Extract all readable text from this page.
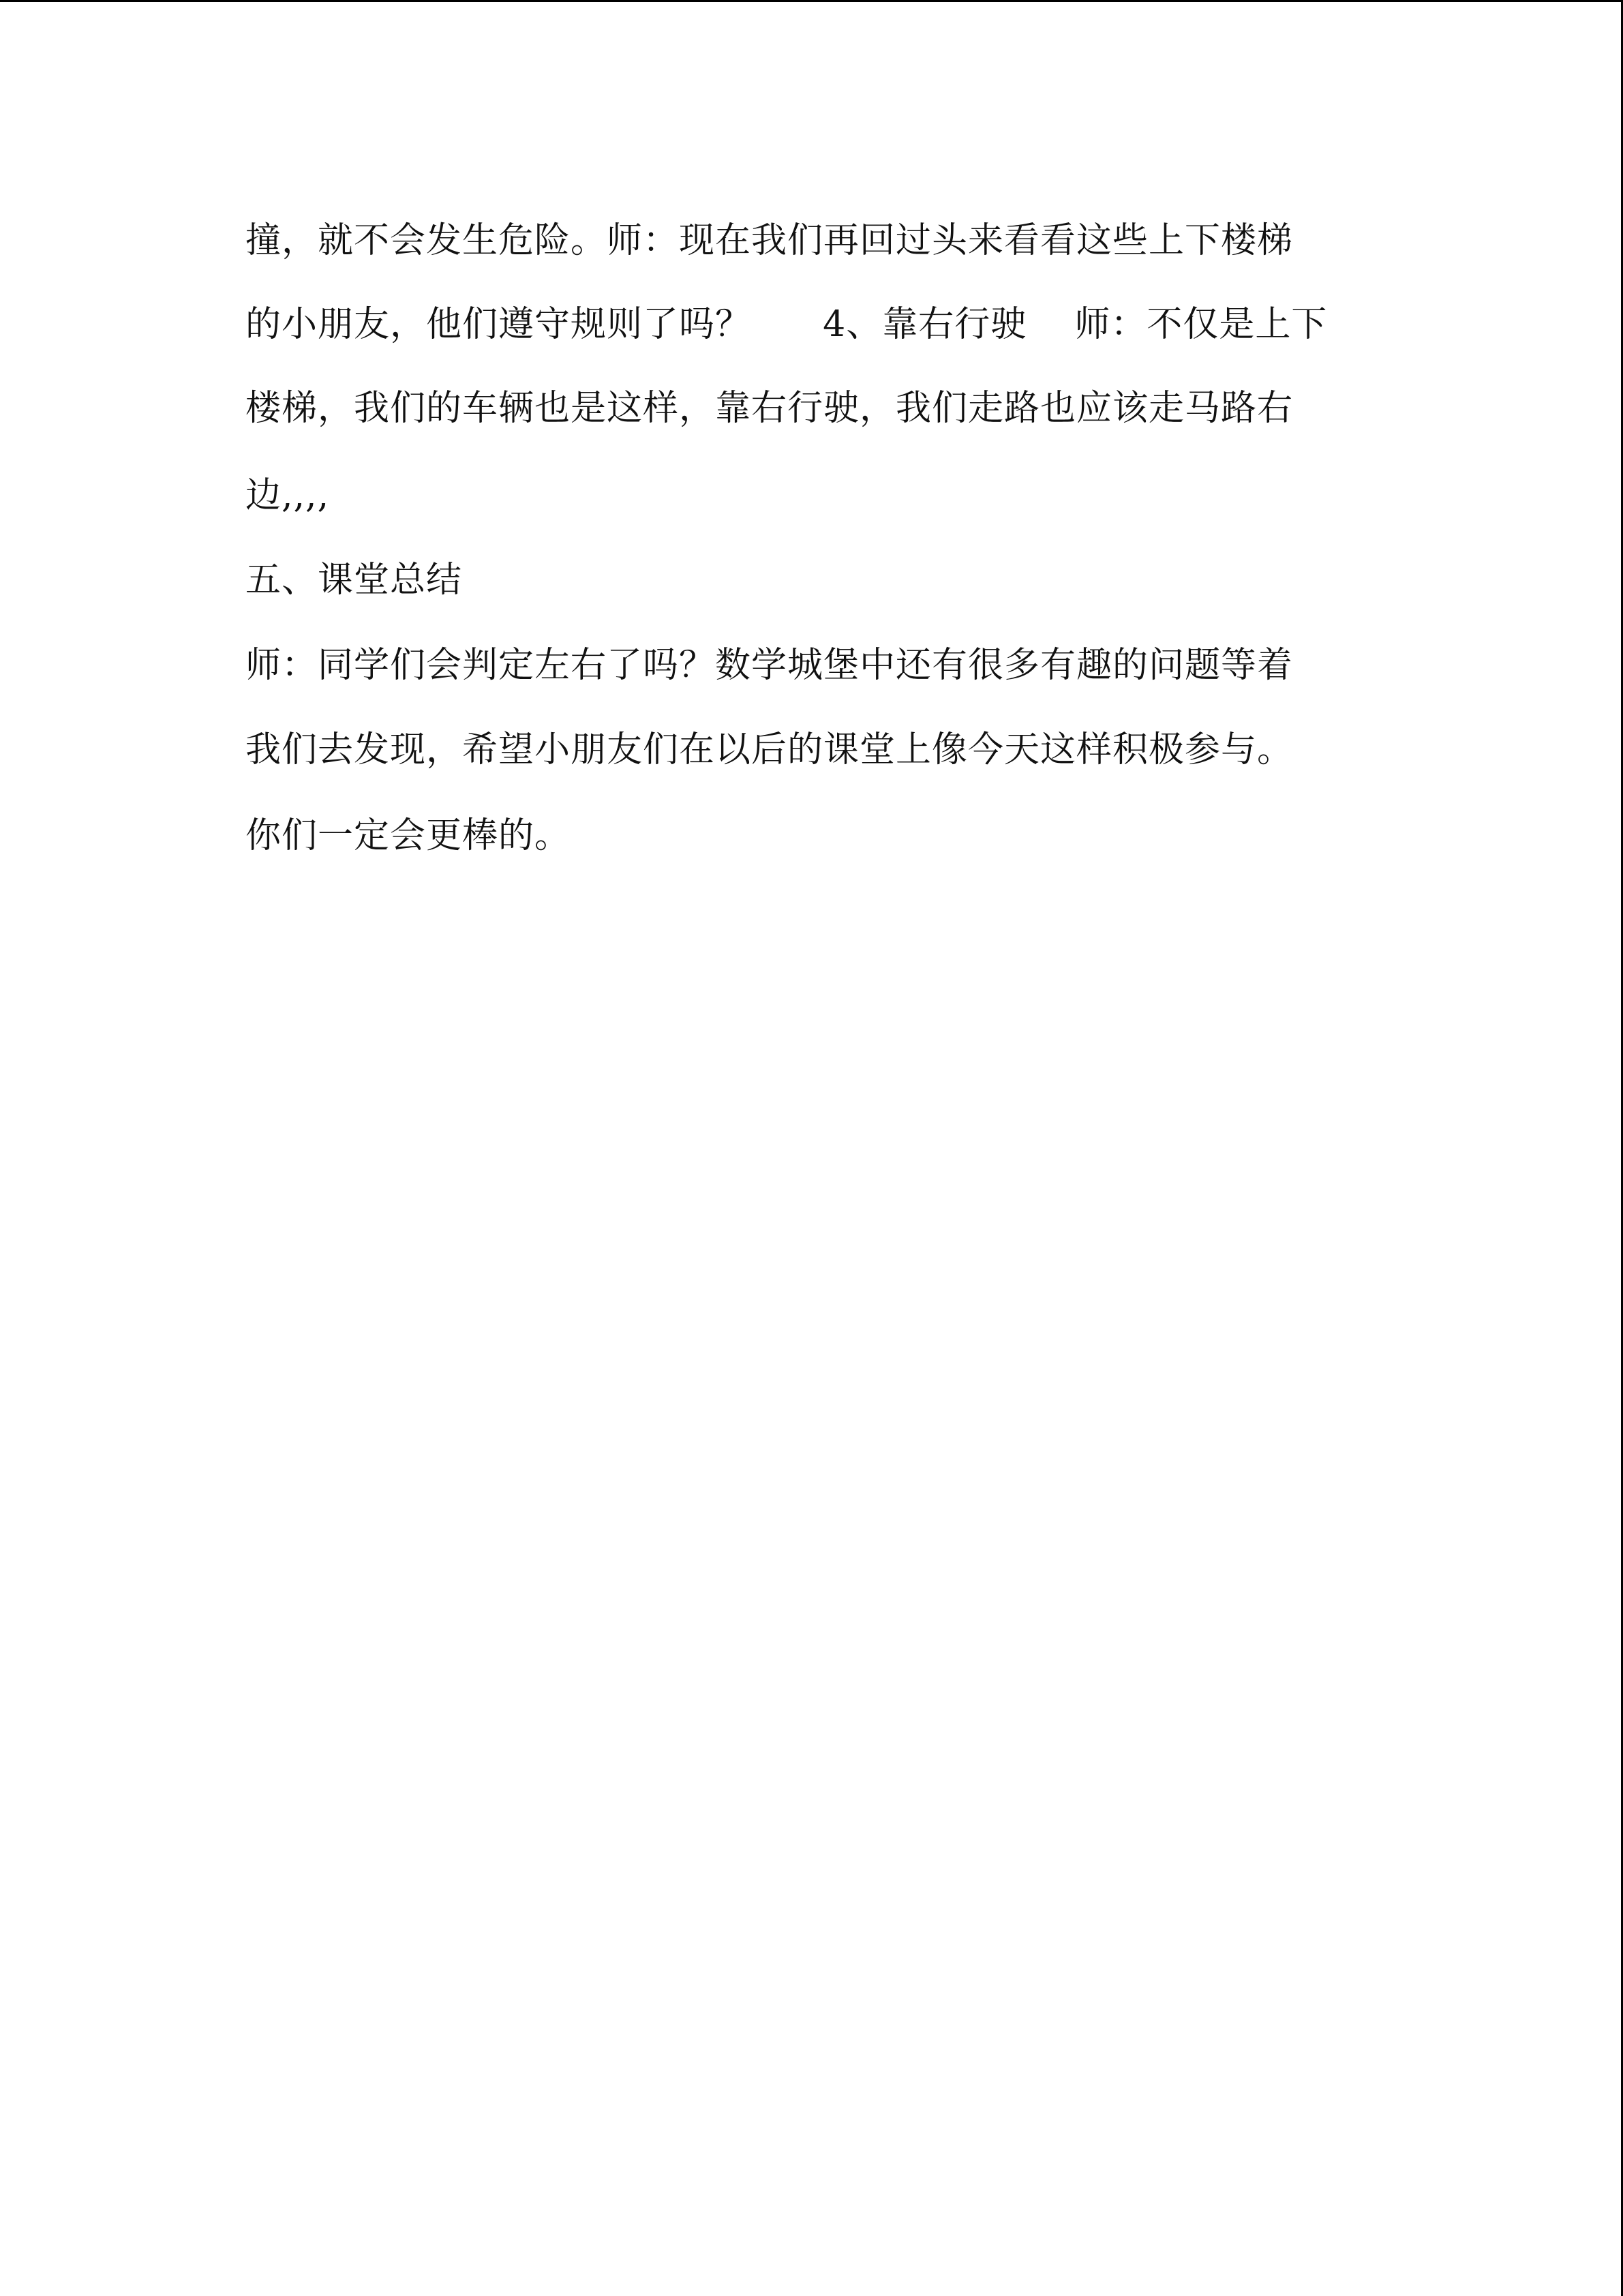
撞，就不会发生危险。师：现在我们再回过头来看看这些上下楼梯
的小朋友，他们遵守规则了吗？      4、靠右行驶    师：不仅是上下
楼梯，我们的车辆也是这样，靠右行驶，我们走路也应该走马路右
边,,,,
五、课堂总结
师：同学们会判定左右了吗？数学城堡中还有很多有趣的问题等着
我们去发现，希望小朋友们在以后的课堂上像今天这样积极参与。
你们一定会更棒的。
